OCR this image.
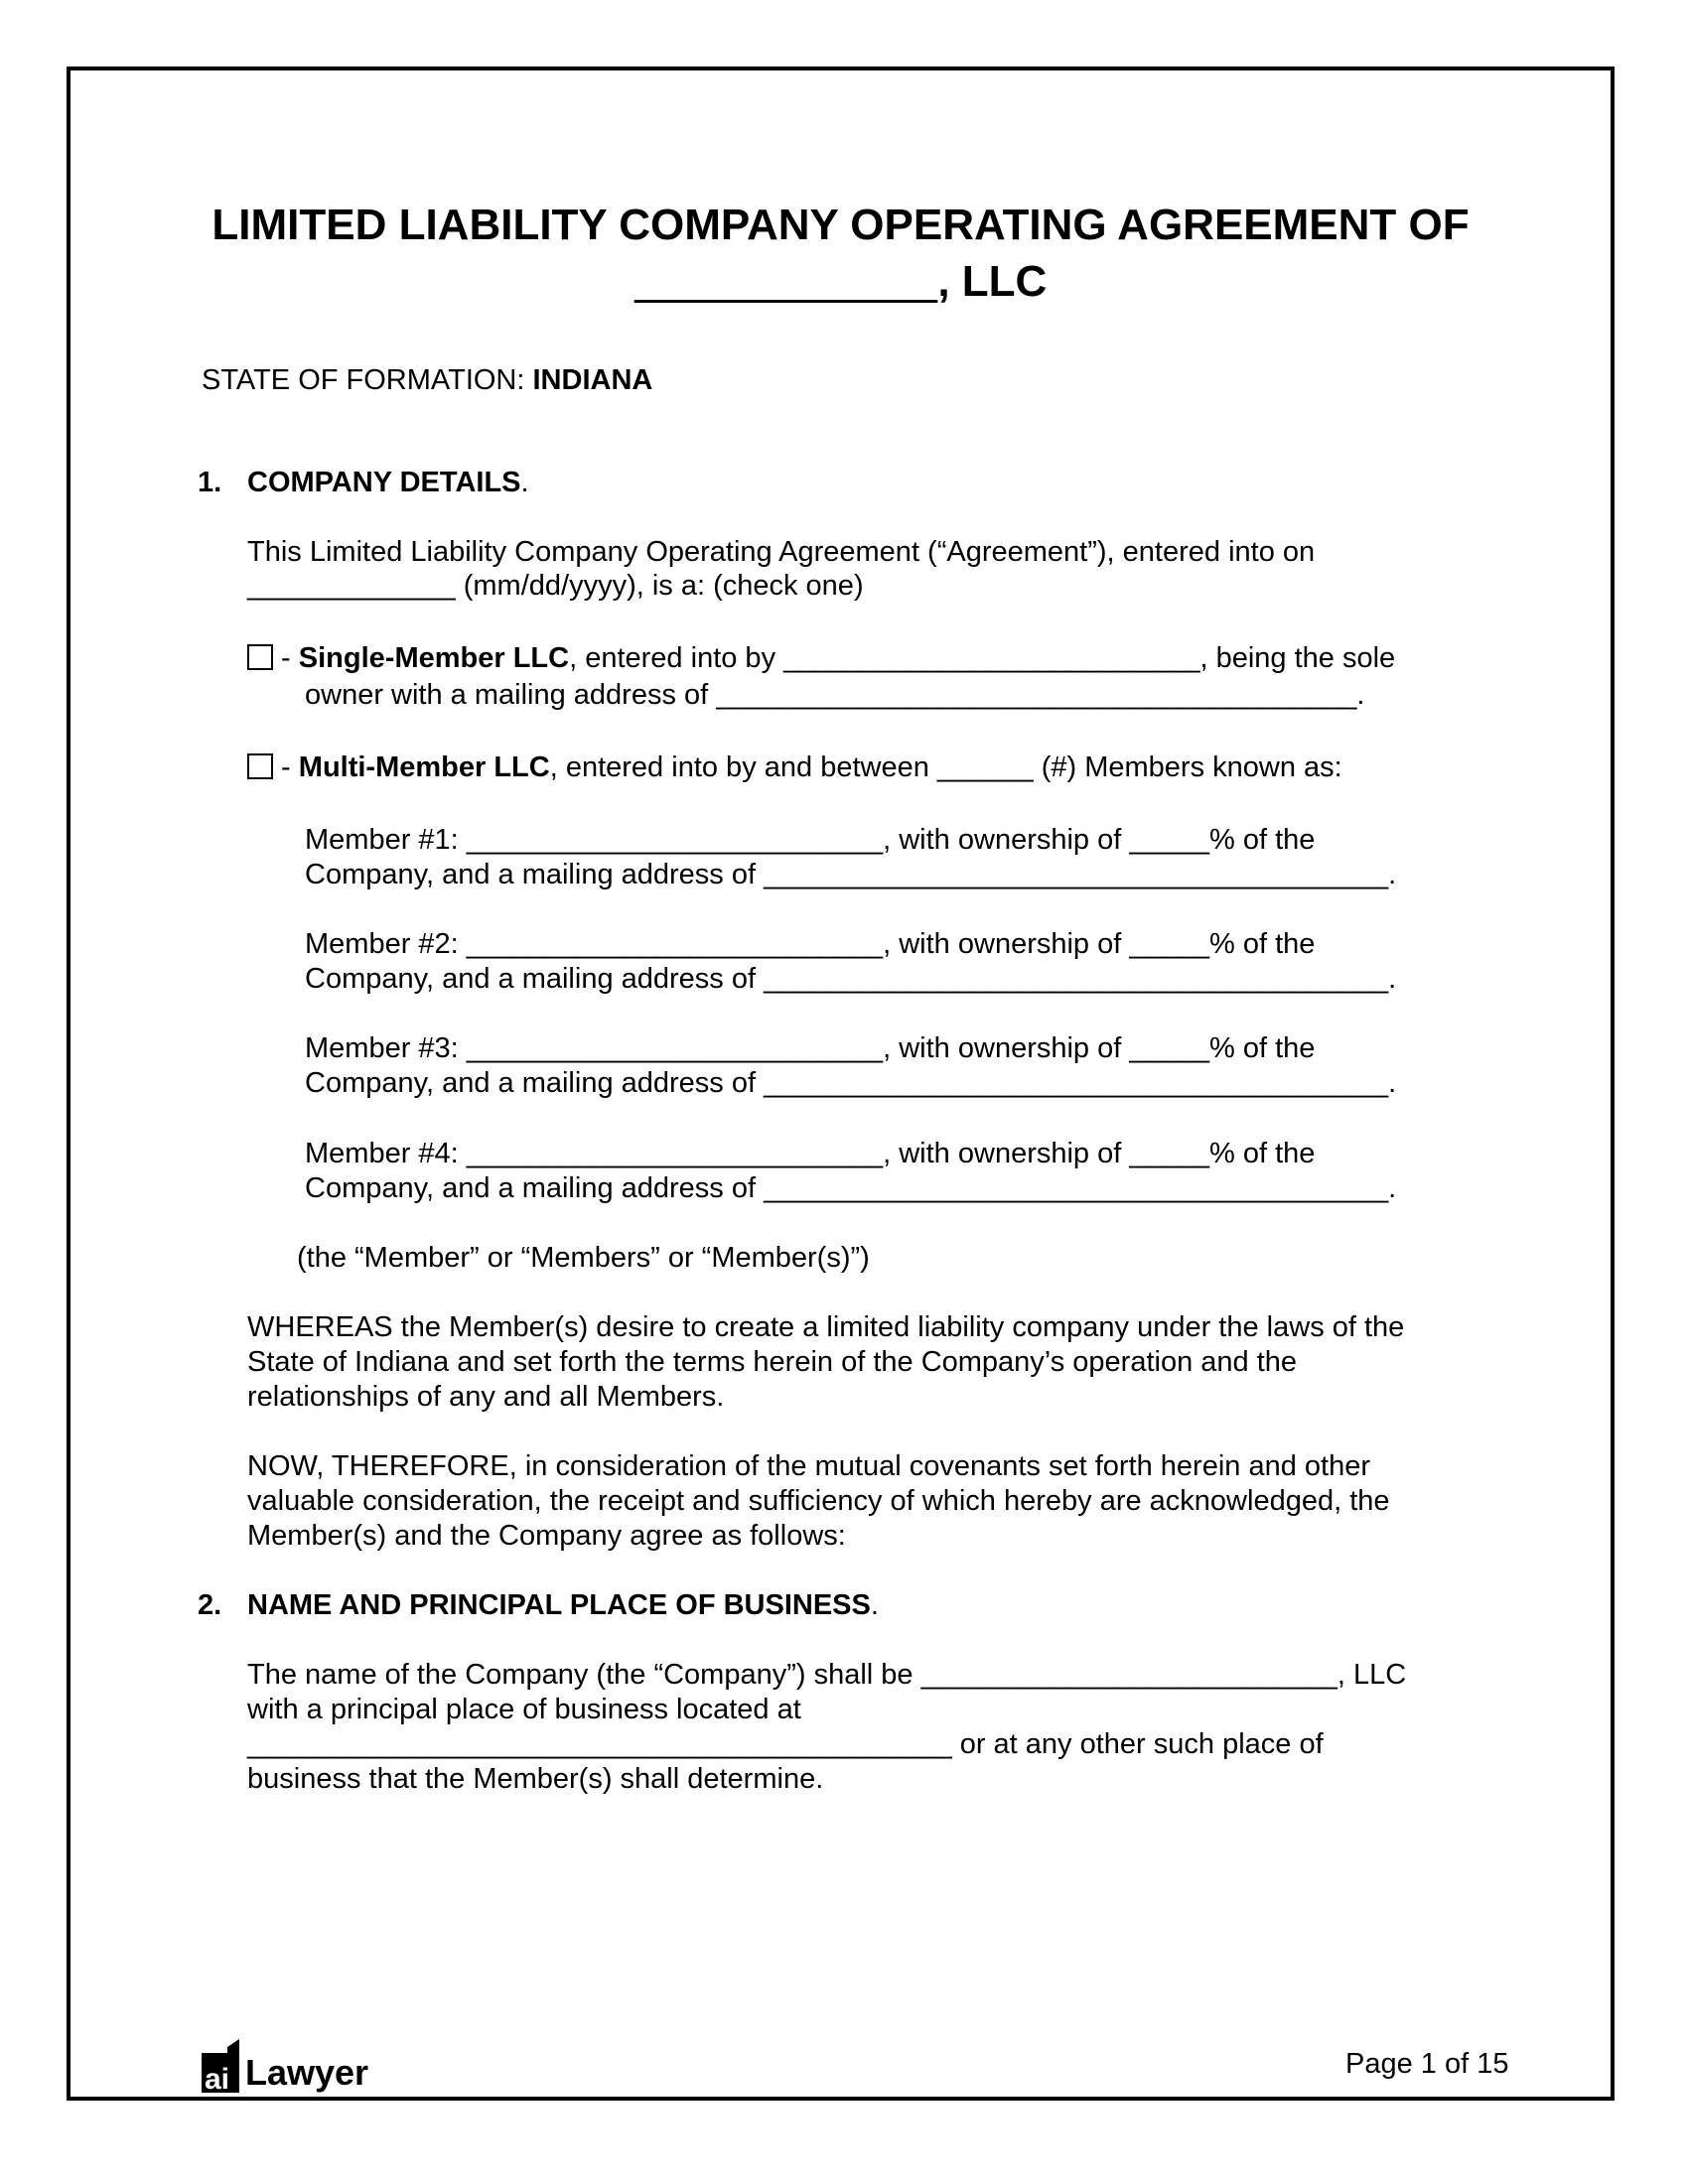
LIMITED LIABILITY COMPANY OPERATING AGREEMENT OF
, LLC
STATE OF FORMATION: INDIANA
1. COMPANY DETAILS.
This Limited Liability Company Operating Agreement (“Agreement”), entered into on
_____________ (mm/dd/yyyy), is a: (check one)
- Single-Member LLC, entered into by __________________________, being the sole
owner with a mailing address of ________________________________________.
- Multi-Member LLC, entered into by and between ______ (#) Members known as:
Member #1: __________________________, with ownership of _____% of the
Company, and a mailing address of _______________________________________.
Member #2: __________________________, with ownership of _____% of the
Company, and a mailing address of _______________________________________.
Member #3: __________________________, with ownership of _____% of the
Company, and a mailing address of _______________________________________.
Member #4: __________________________, with ownership of _____% of the
Company, and a mailing address of _______________________________________.
(the “Member” or “Members” or “Member(s)”)
WHEREAS the Member(s) desire to create a limited liability company under the laws of the
State of Indiana and set forth the terms herein of the Company’s operation and the
relationships of any and all Members.
NOW, THEREFORE, in consideration of the mutual covenants set forth herein and other
valuable consideration, the receipt and sufficiency of which hereby are acknowledged, the
Member(s) and the Company agree as follows:
2. NAME AND PRINCIPAL PLACE OF BUSINESS.
The name of the Company (the “Company”) shall be __________________________, LLC
with a principal place of business located at
____________________________________________ or at any other such place of
business that the Member(s) shall determine.
ai Lawyer	Page 1 of 15
